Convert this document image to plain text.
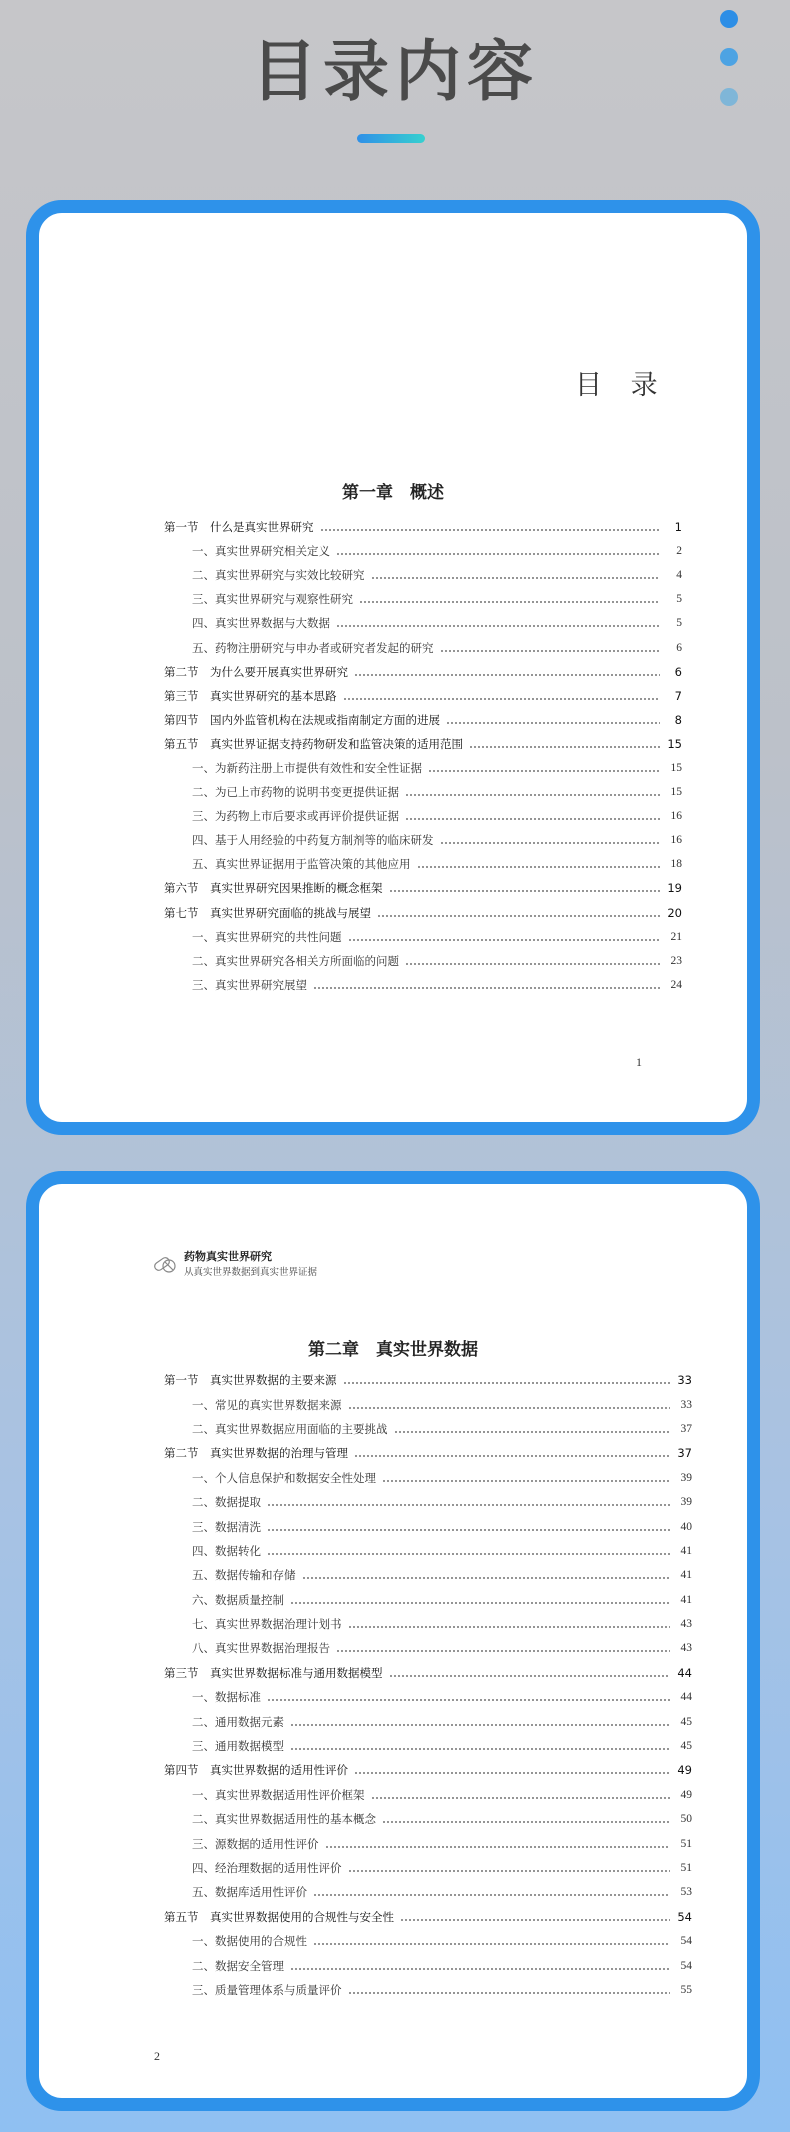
目录内容
目 录
第一章　概述
第一节　什么是真实世界研究	1
一、真实世界研究相关定义	2
二、真实世界研究与实效比较研究	4
三、真实世界研究与观察性研究	5
四、真实世界数据与大数据	5
五、药物注册研究与申办者或研究者发起的研究	6
第二节　为什么要开展真实世界研究	6
第三节　真实世界研究的基本思路	7
第四节　国内外监管机构在法规或指南制定方面的进展	8
第五节　真实世界证据支持药物研发和监管决策的适用范围	15
一、为新药注册上市提供有效性和安全性证据	15
二、为已上市药物的说明书变更提供证据	15
三、为药物上市后要求或再评价提供证据	16
四、基于人用经验的中药复方制剂等的临床研发	16
五、真实世界证据用于监管决策的其他应用	18
第六节　真实世界研究因果推断的概念框架	19
第七节　真实世界研究面临的挑战与展望	20
一、真实世界研究的共性问题	21
二、真实世界研究各相关方所面临的问题	23
三、真实世界研究展望	24
1
药物真实世界研究
从真实世界数据到真实世界证据
第二章　真实世界数据
第一节　真实世界数据的主要来源	33
一、常见的真实世界数据来源	33
二、真实世界数据应用面临的主要挑战	37
第二节　真实世界数据的治理与管理	37
一、个人信息保护和数据安全性处理	39
二、数据提取	39
三、数据清洗	40
四、数据转化	41
五、数据传输和存储	41
六、数据质量控制	41
七、真实世界数据治理计划书	43
八、真实世界数据治理报告	43
第三节　真实世界数据标准与通用数据模型	44
一、数据标准	44
二、通用数据元素	45
三、通用数据模型	45
第四节　真实世界数据的适用性评价	49
一、真实世界数据适用性评价框架	49
二、真实世界数据适用性的基本概念	50
三、源数据的适用性评价	51
四、经治理数据的适用性评价	51
五、数据库适用性评价	53
第五节　真实世界数据使用的合规性与安全性	54
一、数据使用的合规性	54
二、数据安全管理	54
三、质量管理体系与质量评价	55
2
